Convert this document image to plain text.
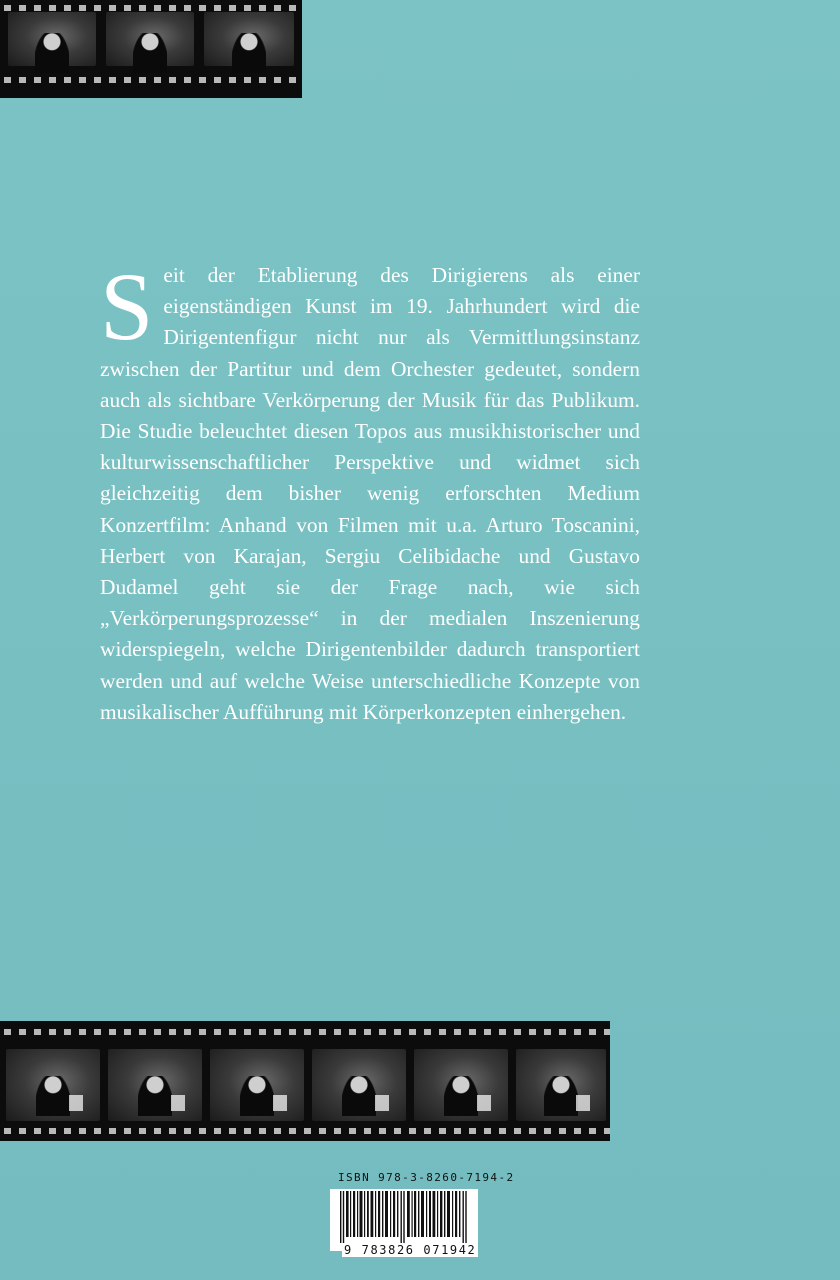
Seit der Etablierung des Dirigierens als einer eigenständigen Kunst im 19. Jahrhundert wird die Dirigentenfigur nicht nur als Vermittlungsinstanz zwischen der Partitur und dem Orchester gedeutet, sondern auch als sichtbare Verkörperung der Musik für das Publikum. Die Studie beleuchtet diesen Topos aus musikhistorischer und kulturwissenschaftlicher Perspektive und widmet sich gleichzeitig dem bisher wenig erforschten Medium Konzertfilm: Anhand von Filmen mit u.a. Arturo Toscanini, Herbert von Karajan, Sergiu Celibidache und Gustavo Dudamel geht sie der Frage nach, wie sich „Verkörperungsprozesse“ in der medialen Inszenierung widerspiegeln, welche Dirigentenbilder dadurch transportiert werden und auf welche Weise unterschiedliche Konzepte von musikalischer Aufführung mit Körperkonzepten einhergehen.

ISBN 978-3-8260-7194-2
9 783826 071942
